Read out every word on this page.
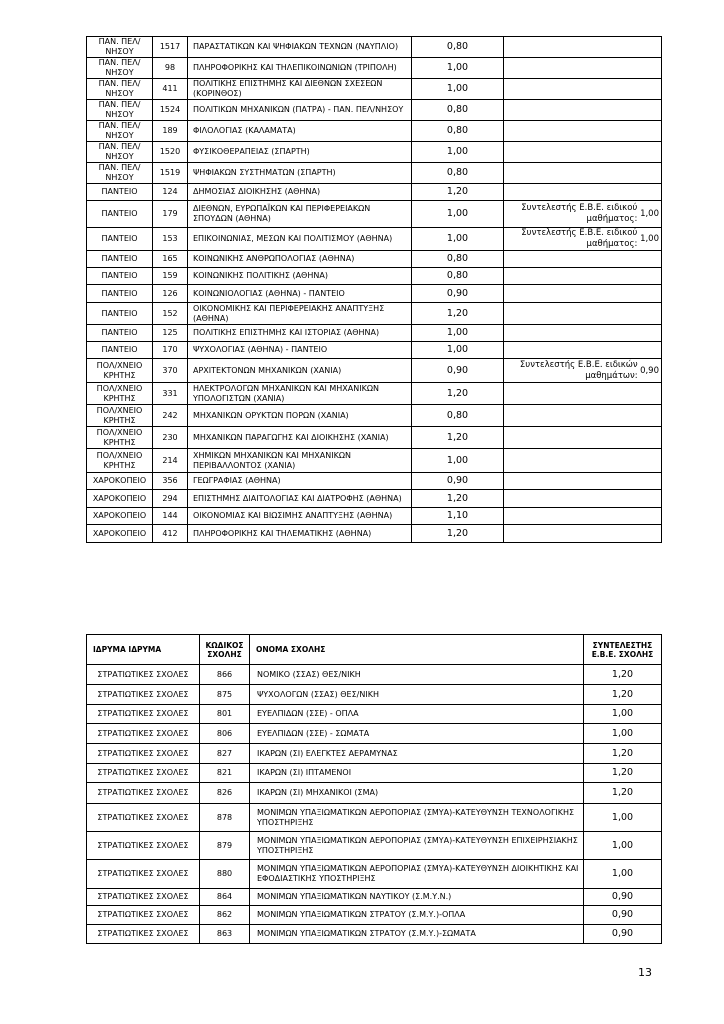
ΠΑΝ. ΠΕΛ/ΝΗΣΟΥ	1517	ΠΑΡΑΣΤΑΤΙΚΩΝ ΚΑΙ ΨΗΦΙΑΚΩΝ ΤΕΧΝΩΝ (ΝΑΥΠΛΙΟ)	0,80	
ΠΑΝ. ΠΕΛ/ΝΗΣΟΥ	98	ΠΛΗΡΟΦΟΡΙΚΗΣ ΚΑΙ ΤΗΛΕΠΙΚΟΙΝΩΝΙΩΝ (ΤΡΙΠΟΛΗ)	1,00	
ΠΑΝ. ΠΕΛ/ΝΗΣΟΥ	411	ΠΟΛΙΤΙΚΗΣ ΕΠΙΣΤΗΜΗΣ ΚΑΙ ΔΙΕΘΝΩΝ ΣΧΕΣΕΩΝ (ΚΟΡΙΝΘΟΣ)	1,00	
ΠΑΝ. ΠΕΛ/ΝΗΣΟΥ	1524	ΠΟΛΙΤΙΚΩΝ ΜΗΧΑΝΙΚΩΝ (ΠΑΤΡΑ) - ΠΑΝ. ΠΕΛ/ΝΗΣΟΥ	0,80	
ΠΑΝ. ΠΕΛ/ΝΗΣΟΥ	189	ΦΙΛΟΛΟΓΙΑΣ (ΚΑΛΑΜΑΤΑ)	0,80	
ΠΑΝ. ΠΕΛ/ΝΗΣΟΥ	1520	ΦΥΣΙΚΟΘΕΡΑΠΕΙΑΣ (ΣΠΑΡΤΗ)	1,00	
ΠΑΝ. ΠΕΛ/ΝΗΣΟΥ	1519	ΨΗΦΙΑΚΩΝ ΣΥΣΤΗΜΑΤΩΝ (ΣΠΑΡΤΗ)	0,80	
ΠΑΝΤΕΙΟ	124	ΔΗΜΟΣΙΑΣ ΔΙΟΙΚΗΣΗΣ (ΑΘΗΝΑ)	1,20	
ΠΑΝΤΕΙΟ	179	ΔΙΕΘΝΩΝ, ΕΥΡΩΠΑΪΚΩΝ ΚΑΙ ΠΕΡΙΦΕΡΕΙΑΚΩΝ ΣΠΟΥΔΩΝ (ΑΘΗΝΑ)	1,00	Συντελεστής Ε.Β.Ε. ειδικού μαθήματος: 1,00

ΠΑΝΤΕΙΟ	153	ΕΠΙΚΟΙΝΩΝΙΑΣ, ΜΕΣΩΝ ΚΑΙ ΠΟΛΙΤΙΣΜΟΥ (ΑΘΗΝΑ)	1,00	Συντελεστής Ε.Β.Ε. ειδικού μαθήματος: 1,00

ΠΑΝΤΕΙΟ	165	ΚΟΙΝΩΝΙΚΗΣ ΑΝΘΡΩΠΟΛΟΓΙΑΣ (ΑΘΗΝΑ)	0,80	
ΠΑΝΤΕΙΟ	159	ΚΟΙΝΩΝΙΚΗΣ ΠΟΛΙΤΙΚΗΣ (ΑΘΗΝΑ)	0,80	
ΠΑΝΤΕΙΟ	126	ΚΟΙΝΩΝΙΟΛΟΓΙΑΣ (ΑΘΗΝΑ) - ΠΑΝΤΕΙΟ	0,90	
ΠΑΝΤΕΙΟ	152	ΟΙΚΟΝΟΜΙΚΗΣ ΚΑΙ ΠΕΡΙΦΕΡΕΙΑΚΗΣ ΑΝΑΠΤΥΞΗΣ (ΑΘΗΝΑ)	1,20	
ΠΑΝΤΕΙΟ	125	ΠΟΛΙΤΙΚΗΣ ΕΠΙΣΤΗΜΗΣ ΚΑΙ ΙΣΤΟΡΙΑΣ (ΑΘΗΝΑ)	1,00	
ΠΑΝΤΕΙΟ	170	ΨΥΧΟΛΟΓΙΑΣ (ΑΘΗΝΑ) - ΠΑΝΤΕΙΟ	1,00	
ΠΟΛ/ΧΝΕΙΟ ΚΡΗΤΗΣ	370	ΑΡΧΙΤΕΚΤΟΝΩΝ ΜΗΧΑΝΙΚΩΝ (ΧΑΝΙΑ)	0,90	Συντελεστής Ε.Β.Ε. ειδικών μαθημάτων: 0,90

ΠΟΛ/ΧΝΕΙΟ ΚΡΗΤΗΣ	331	ΗΛΕΚΤΡΟΛΟΓΩΝ ΜΗΧΑΝΙΚΩΝ ΚΑΙ ΜΗΧΑΝΙΚΩΝ ΥΠΟΛΟΓΙΣΤΩΝ (ΧΑΝΙΑ)	1,20	
ΠΟΛ/ΧΝΕΙΟ ΚΡΗΤΗΣ	242	ΜΗΧΑΝΙΚΩΝ ΟΡΥΚΤΩΝ ΠΟΡΩΝ (ΧΑΝΙΑ)	0,80	
ΠΟΛ/ΧΝΕΙΟ ΚΡΗΤΗΣ	230	ΜΗΧΑΝΙΚΩΝ ΠΑΡΑΓΩΓΗΣ ΚΑΙ ΔΙΟΙΚΗΣΗΣ (ΧΑΝΙΑ)	1,20	
ΠΟΛ/ΧΝΕΙΟ ΚΡΗΤΗΣ	214	ΧΗΜΙΚΩΝ ΜΗΧΑΝΙΚΩΝ ΚΑΙ ΜΗΧΑΝΙΚΩΝ ΠΕΡΙΒΑΛΛΟΝΤΟΣ (ΧΑΝΙΑ)	1,00	
ΧΑΡΟΚΟΠΕΙΟ	356	ΓΕΩΓΡΑΦΙΑΣ (ΑΘΗΝΑ)	0,90	
ΧΑΡΟΚΟΠΕΙΟ	294	ΕΠΙΣΤΗΜΗΣ ΔΙΑΙΤΟΛΟΓΙΑΣ ΚΑΙ ΔΙΑΤΡΟΦΗΣ (ΑΘΗΝΑ)	1,20	
ΧΑΡΟΚΟΠΕΙΟ	144	ΟΙΚΟΝΟΜΙΑΣ ΚΑΙ ΒΙΩΣΙΜΗΣ ΑΝΑΠΤΥΞΗΣ (ΑΘΗΝΑ)	1,10	
ΧΑΡΟΚΟΠΕΙΟ	412	ΠΛΗΡΟΦΟΡΙΚΗΣ ΚΑΙ ΤΗΛΕΜΑΤΙΚΗΣ (ΑΘΗΝΑ)	1,20	
ΙΔΡΥΜΑ ΙΔΡΥΜΑ	ΚΩΔΙΚΟΣ ΣΧΟΛΗΣ	ΟΝΟΜΑ ΣΧΟΛΗΣ	ΣΥΝΤΕΛΕΣΤΗΣ Ε.Β.Ε. ΣΧΟΛΗΣ
ΣΤΡΑΤΙΩΤΙΚΕΣ ΣΧΟΛΕΣ	866	ΝΟΜΙΚΟ (ΣΣΑΣ) ΘΕΣ/ΝΙΚΗ	1,20
ΣΤΡΑΤΙΩΤΙΚΕΣ ΣΧΟΛΕΣ	875	ΨΥΧΟΛΟΓΩΝ (ΣΣΑΣ) ΘΕΣ/ΝΙΚΗ	1,20
ΣΤΡΑΤΙΩΤΙΚΕΣ ΣΧΟΛΕΣ	801	ΕΥΕΛΠΙΔΩΝ (ΣΣΕ) - ΟΠΛΑ	1,00
ΣΤΡΑΤΙΩΤΙΚΕΣ ΣΧΟΛΕΣ	806	ΕΥΕΛΠΙΔΩΝ (ΣΣΕ) - ΣΩΜΑΤΑ	1,00
ΣΤΡΑΤΙΩΤΙΚΕΣ ΣΧΟΛΕΣ	827	ΙΚΑΡΩΝ (ΣΙ) ΕΛΕΓΚΤΕΣ ΑΕΡΑΜΥΝΑΣ	1,20
ΣΤΡΑΤΙΩΤΙΚΕΣ ΣΧΟΛΕΣ	821	ΙΚΑΡΩΝ (ΣΙ) ΙΠΤΑΜΕΝΟΙ	1,20
ΣΤΡΑΤΙΩΤΙΚΕΣ ΣΧΟΛΕΣ	826	ΙΚΑΡΩΝ (ΣΙ) ΜΗΧΑΝΙΚΟΙ (ΣΜΑ)	1,20
ΣΤΡΑΤΙΩΤΙΚΕΣ ΣΧΟΛΕΣ	878	ΜΟΝΙΜΩΝ ΥΠΑΞΙΩΜΑΤΙΚΩΝ ΑΕΡΟΠΟΡΙΑΣ (ΣΜΥΑ)-ΚΑΤΕΥΘΥΝΣΗ ΤΕΧΝΟΛΟΓΙΚΗΣ ΥΠΟΣΤΗΡΙΞΗΣ	1,00
ΣΤΡΑΤΙΩΤΙΚΕΣ ΣΧΟΛΕΣ	879	ΜΟΝΙΜΩΝ ΥΠΑΞΙΩΜΑΤΙΚΩΝ ΑΕΡΟΠΟΡΙΑΣ (ΣΜΥΑ)-ΚΑΤΕΥΘΥΝΣΗ ΕΠΙΧΕΙΡΗΣΙΑΚΗΣ ΥΠΟΣΤΗΡΙΞΗΣ	1,00
ΣΤΡΑΤΙΩΤΙΚΕΣ ΣΧΟΛΕΣ	880	ΜΟΝΙΜΩΝ ΥΠΑΞΙΩΜΑΤΙΚΩΝ ΑΕΡΟΠΟΡΙΑΣ (ΣΜΥΑ)-ΚΑΤΕΥΘΥΝΣΗ ΔΙΟΙΚΗΤΙΚΗΣ ΚΑΙ ΕΦΟΔΙΑΣΤΙΚΗΣ ΥΠΟΣΤΗΡΙΞΗΣ	1,00
ΣΤΡΑΤΙΩΤΙΚΕΣ ΣΧΟΛΕΣ	864	ΜΟΝΙΜΩΝ ΥΠΑΞΙΩΜΑΤΙΚΩΝ ΝΑΥΤΙΚΟΥ (Σ.Μ.Υ.Ν.)	0,90
ΣΤΡΑΤΙΩΤΙΚΕΣ ΣΧΟΛΕΣ	862	ΜΟΝΙΜΩΝ ΥΠΑΞΙΩΜΑΤΙΚΩΝ ΣΤΡΑΤΟΥ (Σ.Μ.Υ.)-ΟΠΛΑ	0,90
ΣΤΡΑΤΙΩΤΙΚΕΣ ΣΧΟΛΕΣ	863	ΜΟΝΙΜΩΝ ΥΠΑΞΙΩΜΑΤΙΚΩΝ ΣΤΡΑΤΟΥ (Σ.Μ.Υ.)-ΣΩΜΑΤΑ	0,90
13
